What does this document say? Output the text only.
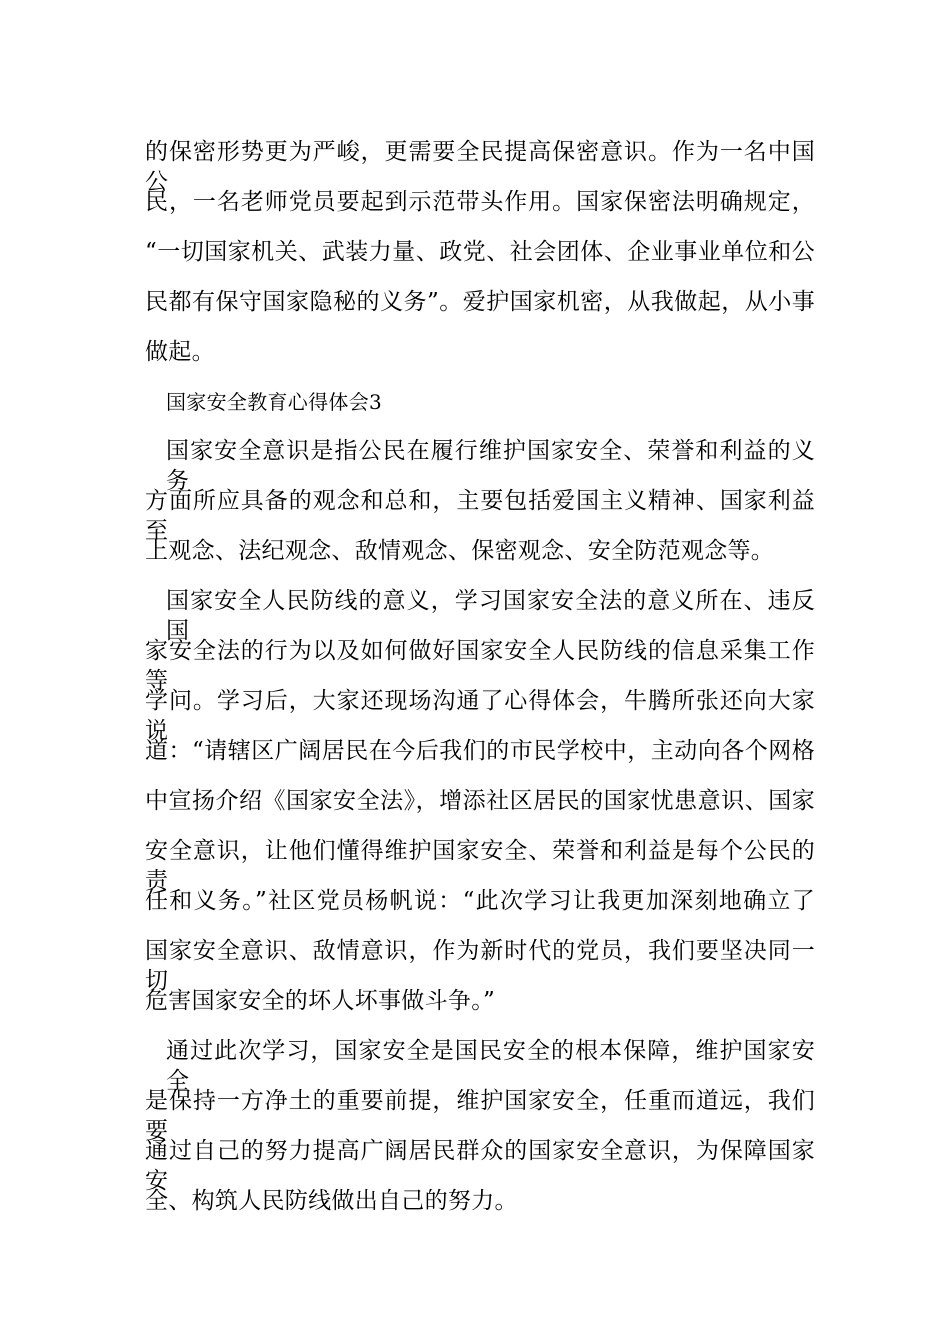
的保密形势更为严峻，更需要全民提高保密意识。作为一名中国公
民，一名老师党员要起到示范带头作用。国家保密法明确规定，
“一切国家机关、武装力量、政党、社会团体、企业事业单位和公
民都有保守国家隐秘的义务”。爱护国家机密，从我做起，从小事
做起。
国家安全教育心得体会3
国家安全意识是指公民在履行维护国家安全、荣誉和利益的义务
方面所应具备的观念和总和，主要包括爱国主义精神、国家利益至
上观念、法纪观念、敌情观念、保密观念、安全防范观念等。
国家安全人民防线的意义，学习国家安全法的意义所在、违反国
家安全法的行为以及如何做好国家安全人民防线的信息采集工作等
学问。学习后，大家还现场沟通了心得体会，牛腾所张还向大家说
道：“请辖区广阔居民在今后我们的市民学校中，主动向各个网格
中宣扬介绍《国家安全法》，增添社区居民的国家忧患意识、国家
安全意识，让他们懂得维护国家安全、荣誉和利益是每个公民的责
任和义务。”社区党员杨帆说：“此次学习让我更加深刻地确立了
国家安全意识、敌情意识，作为新时代的党员，我们要坚决同一切
危害国家安全的坏人坏事做斗争。”
通过此次学习，国家安全是国民安全的根本保障，维护国家安全
是保持一方净土的重要前提，维护国家安全，任重而道远，我们要
通过自己的努力提高广阔居民群众的国家安全意识，为保障国家安
全、构筑人民防线做出自己的努力。
